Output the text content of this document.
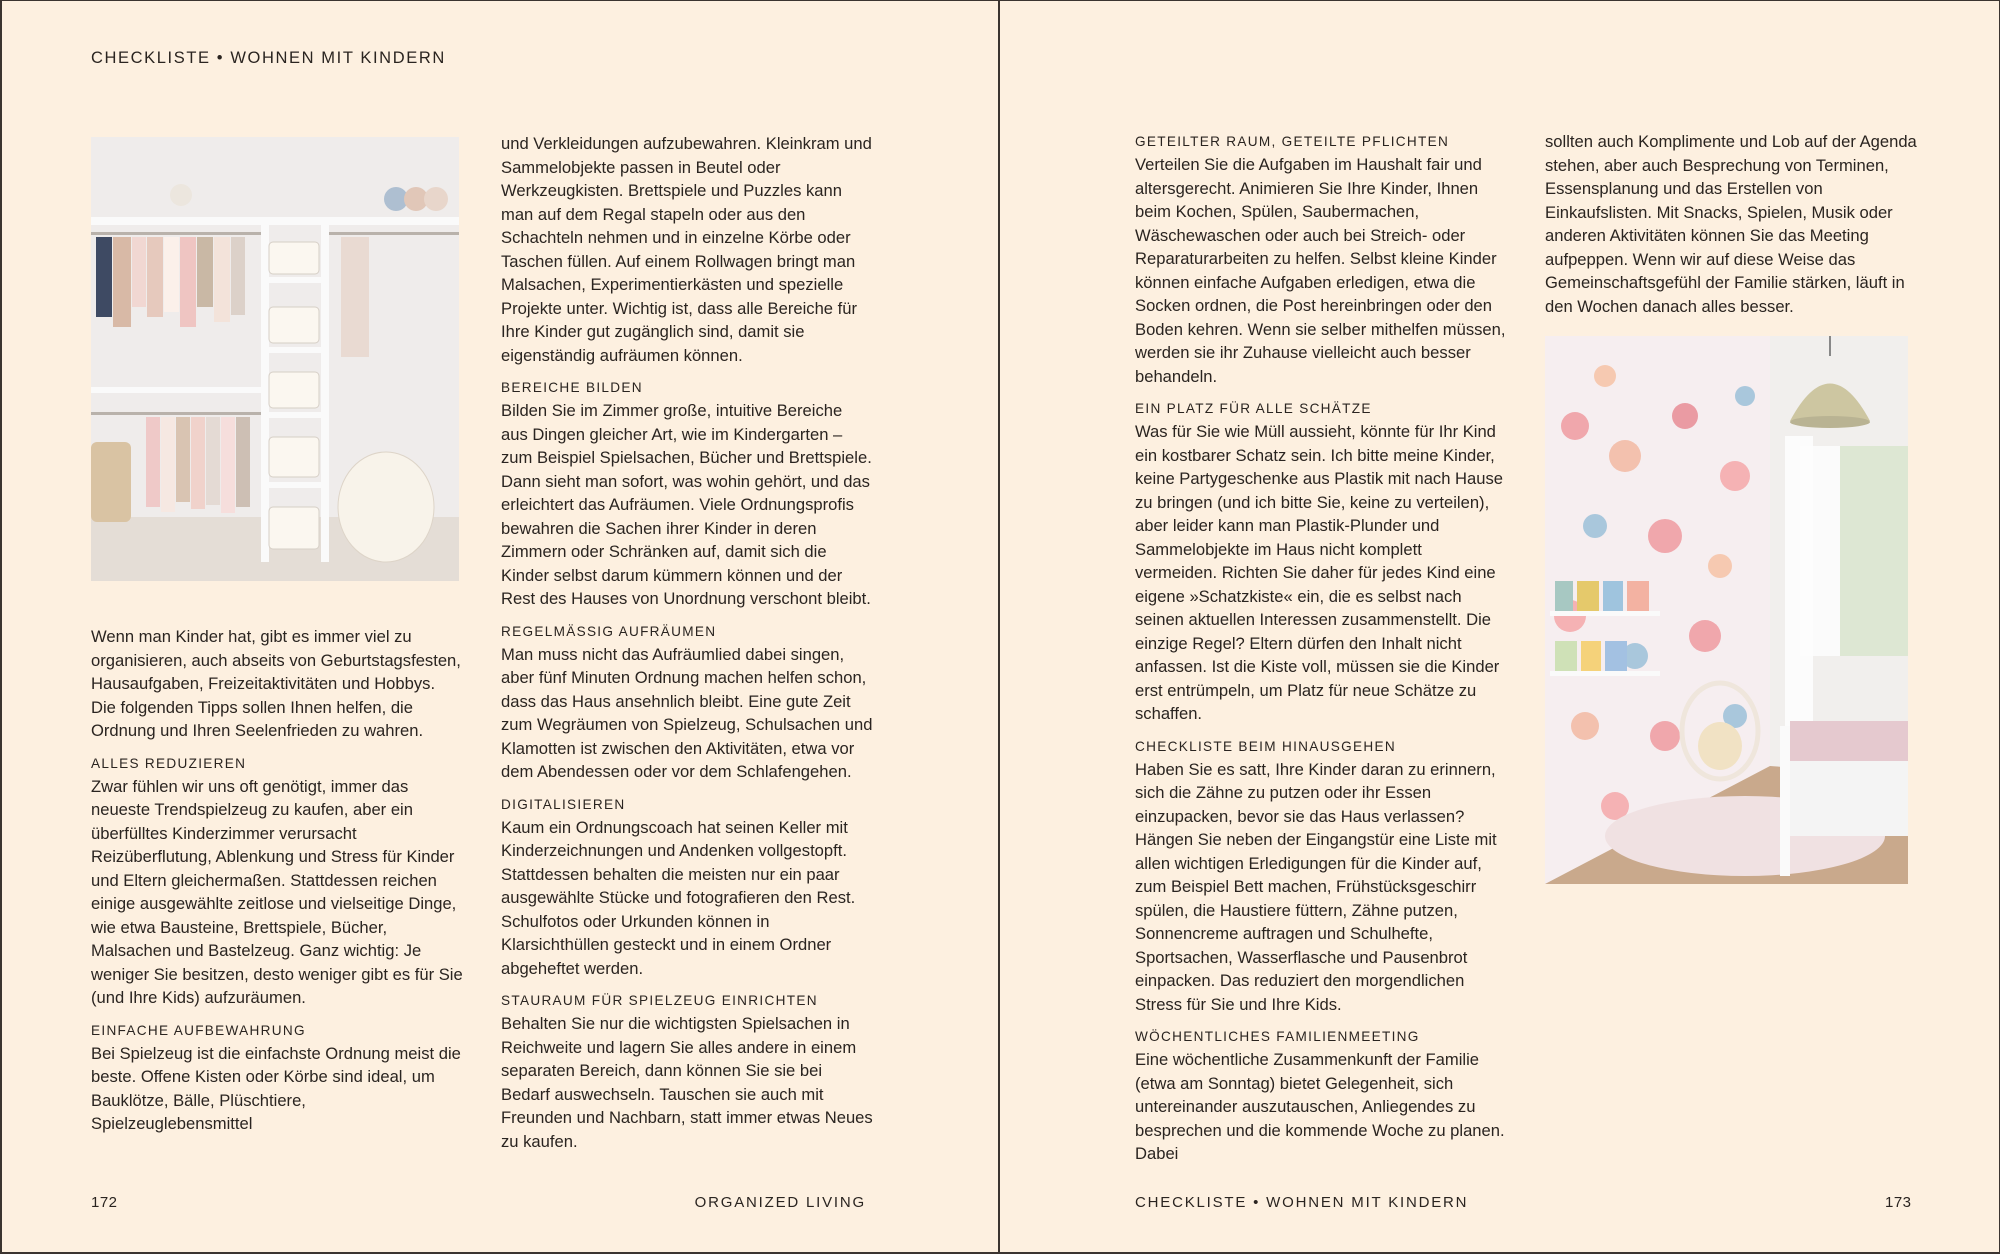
CHECKLISTE • WOHNEN MIT KINDERN

Wenn man Kinder hat, gibt es immer viel zu organisieren, auch abseits von Geburtstagsfesten, Hausaufgaben, Freizeitaktivitäten und Hobbys. Die folgenden Tipps sollen Ihnen helfen, die Ordnung und Ihren Seelenfrieden zu wahren.

ALLES REDUZIEREN

Zwar fühlen wir uns oft genötigt, immer das neueste Trendspielzeug zu kaufen, aber ein überfülltes Kinderzimmer verursacht Reizüberflutung, Ablenkung und Stress für Kinder und Eltern gleichermaßen. Stattdessen reichen einige ausgewählte zeitlose und vielseitige Dinge, wie etwa Bausteine, Brettspiele, Bücher, Malsachen und Bastelzeug. Ganz wichtig: Je weniger Sie besitzen, desto weniger gibt es für Sie (und Ihre Kids) aufzuräumen.

EINFACHE AUFBEWAHRUNG

Bei Spielzeug ist die einfachste Ordnung meist die beste. Offene Kisten oder Körbe sind ideal, um Bauklötze, Bälle, Plüschtiere, Spielzeuglebensmittel

und Verkleidungen aufzubewahren. Kleinkram und Sammelobjekte passen in Beutel oder Werkzeugkisten. Brettspiele und Puzzles kann man auf dem Regal stapeln oder aus den Schachteln nehmen und in einzelne Körbe oder Taschen füllen. Auf einem Rollwagen bringt man Malsachen, Experimentierkästen und spezielle Projekte unter. Wichtig ist, dass alle Bereiche für Ihre Kinder gut zugänglich sind, damit sie eigenständig aufräumen können.

BEREICHE BILDEN

Bilden Sie im Zimmer große, intuitive Bereiche aus Dingen gleicher Art, wie im Kindergarten – zum Beispiel Spielsachen, Bücher und Brettspiele. Dann sieht man sofort, was wohin gehört, und das erleichtert das Aufräumen. Viele Ordnungsprofis bewahren die Sachen ihrer Kinder in deren Zimmern oder Schränken auf, damit sich die Kinder selbst darum kümmern können und der Rest des Hauses von Unordnung verschont bleibt.

REGELMÄSSIG AUFRÄUMEN

Man muss nicht das Aufräumlied dabei singen, aber fünf Minuten Ordnung machen helfen schon, dass das Haus ansehnlich bleibt. Eine gute Zeit zum Wegräumen von Spielzeug, Schulsachen und Klamotten ist zwischen den Aktivitäten, etwa vor dem Abendessen oder vor dem Schlafengehen.

DIGITALISIEREN

Kaum ein Ordnungscoach hat seinen Keller mit Kinderzeichnungen und Andenken vollgestopft. Stattdessen behalten die meisten nur ein paar ausgewählte Stücke und fotografieren den Rest. Schulfotos oder Urkunden können in Klarsichthüllen gesteckt und in einem Ordner abgeheftet werden.

STAURAUM FÜR SPIELZEUG EINRICHTEN

Behalten Sie nur die wichtigsten Spielsachen in Reichweite und lagern Sie alles andere in einem separaten Bereich, dann können Sie sie bei Bedarf auswechseln. Tauschen sie auch mit Freunden und Nachbarn, statt immer etwas Neues zu kaufen.

172	ORGANIZED LIVING
GETEILTER RAUM, GETEILTE PFLICHTEN

Verteilen Sie die Aufgaben im Haushalt fair und altersgerecht. Animieren Sie Ihre Kinder, Ihnen beim Kochen, Spülen, Saubermachen, Wäschewaschen oder auch bei Streich- oder Reparaturarbeiten zu helfen. Selbst kleine Kinder können einfache Aufgaben erledigen, etwa die Socken ordnen, die Post hereinbringen oder den Boden kehren. Wenn sie selber mithelfen müssen, werden sie ihr Zuhause vielleicht auch besser behandeln.

EIN PLATZ FÜR ALLE SCHÄTZE

Was für Sie wie Müll aussieht, könnte für Ihr Kind ein kostbarer Schatz sein. Ich bitte meine Kinder, keine Partygeschenke aus Plastik mit nach Hause zu bringen (und ich bitte Sie, keine zu verteilen), aber leider kann man Plastik-Plunder und Sammelobjekte im Haus nicht komplett vermeiden. Richten Sie daher für jedes Kind eine eigene »Schatzkiste« ein, die es selbst nach seinen aktuellen Interessen zusammenstellt. Die einzige Regel? Eltern dürfen den Inhalt nicht anfassen. Ist die Kiste voll, müssen sie die Kinder erst entrümpeln, um Platz für neue Schätze zu schaffen.

CHECKLISTE BEIM HINAUSGEHEN

Haben Sie es satt, Ihre Kinder daran zu erinnern, sich die Zähne zu putzen oder ihr Essen einzupacken, bevor sie das Haus verlassen? Hängen Sie neben der Eingangstür eine Liste mit allen wichtigen Erledigungen für die Kinder auf, zum Beispiel Bett machen, Frühstücksgeschirr spülen, die Haustiere füttern, Zähne putzen, Sonnencreme auftragen und Schulhefte, Sportsachen, Wasserflasche und Pausenbrot einpacken. Das reduziert den morgendlichen Stress für Sie und Ihre Kids.

WÖCHENTLICHES FAMILIENMEETING

Eine wöchentliche Zusammenkunft der Familie (etwa am Sonntag) bietet Gelegenheit, sich untereinander auszutauschen, Anliegendes zu besprechen und die kommende Woche zu planen. Dabei

sollten auch Komplimente und Lob auf der Agenda stehen, aber auch Besprechung von Terminen, Essensplanung und das Erstellen von Einkaufslisten. Mit Snacks, Spielen, Musik oder anderen Aktivitäten können Sie das Meeting aufpeppen. Wenn wir auf diese Weise das Gemeinschaftsgefühl der Familie stärken, läuft in den Wochen danach alles besser.

CHECKLISTE • WOHNEN MIT KINDERN	173
